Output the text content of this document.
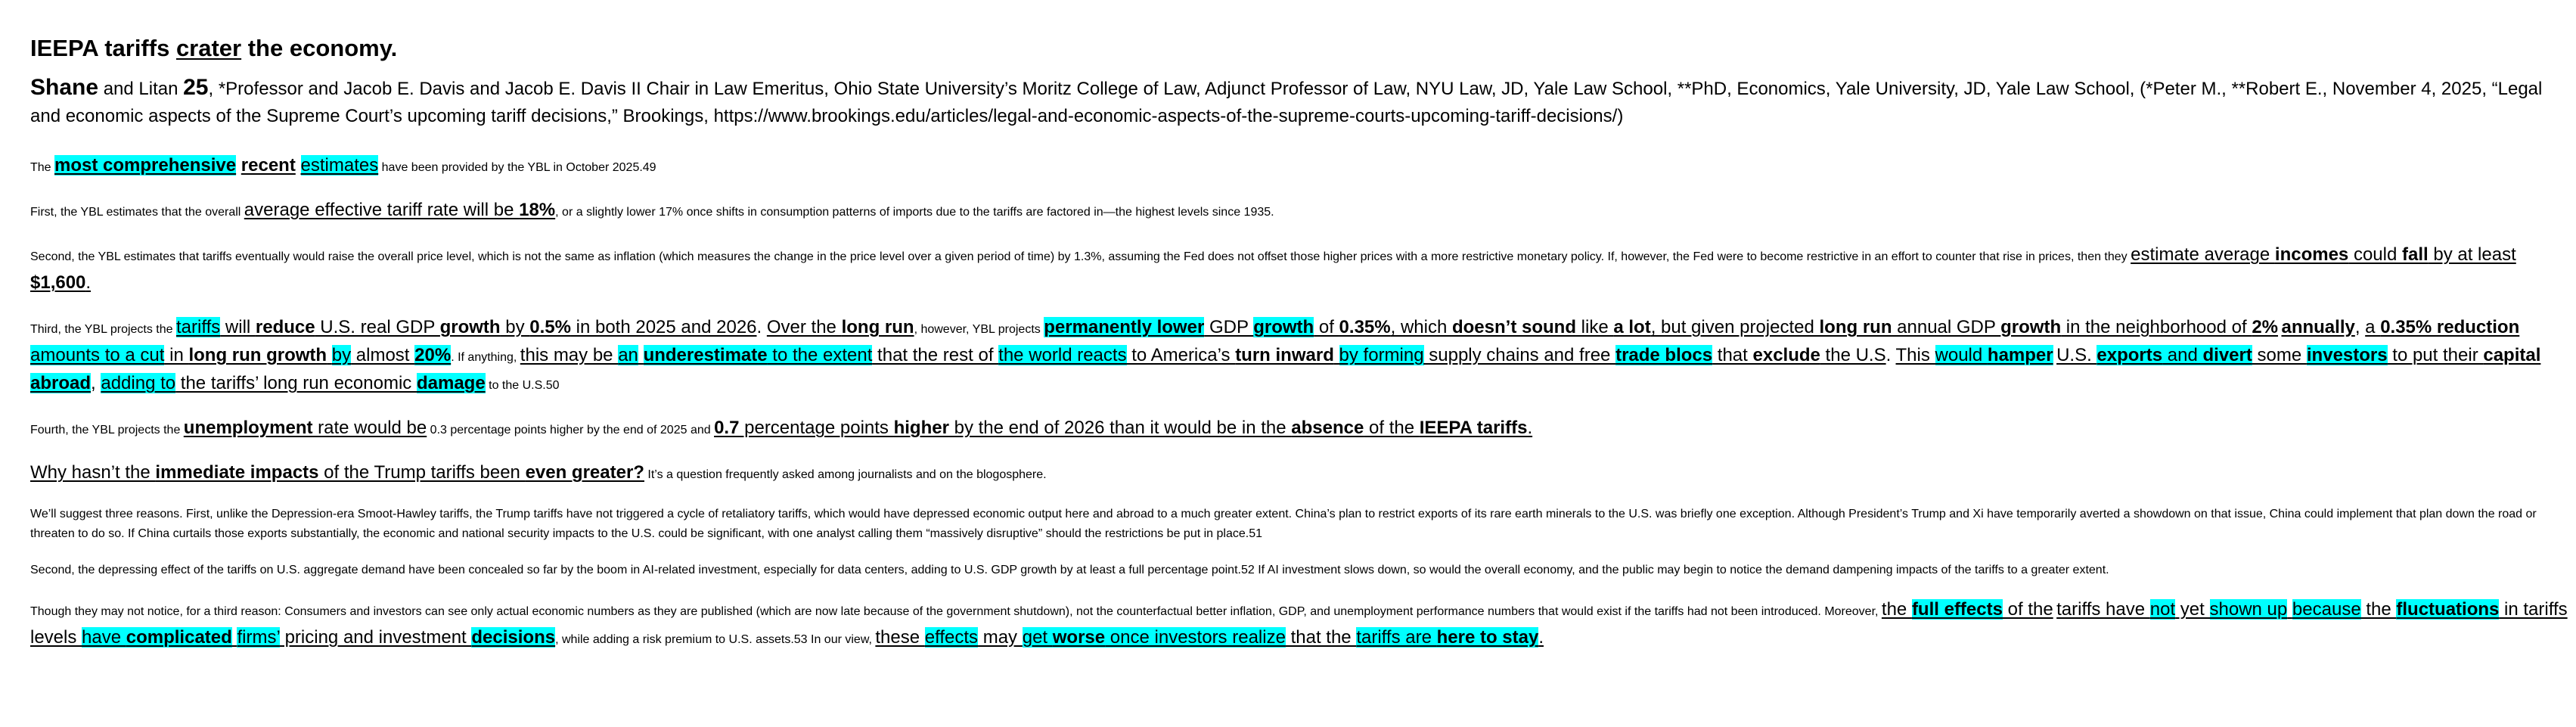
IEEPA tariffs crater the economy.
Shane and Litan 25, *Professor and Jacob E. Davis and Jacob E. Davis II Chair in Law Emeritus, Ohio State University’s Moritz College of Law, Adjunct Professor of Law, NYU Law, JD, Yale Law School, **PhD, Economics, Yale University, JD, Yale Law School, (*Peter M., **Robert E., November 4, 2025, “Legal and economic aspects of the Supreme Court’s upcoming tariff decisions,” Brookings, https://www.brookings.edu/articles/legal-and-economic-aspects-of-the-supreme-courts-upcoming-tariff-decisions/)

The most comprehensive recent estimates have been provided by the YBL in October 2025.49

First, the YBL estimates that the overall average effective tariff rate will be 18%, or a slightly lower 17% once shifts in consumption patterns of imports due to the tariffs are factored in—the highest levels since 1935.

Second, the YBL estimates that tariffs eventually would raise the overall price level, which is not the same as inflation (which measures the change in the price level over a given period of time) by 1.3%, assuming the Fed does not offset those higher prices with a more restrictive monetary policy. If, however, the Fed were to become restrictive in an effort to counter that rise in prices, then they estimate average incomes could fall by at least $1,600.

Third, the YBL projects the tariffs will reduce U.S. real GDP growth by 0.5% in both 2025 and 2026. Over the long run, however, YBL projects permanently lower GDP growth of 0.35%, which doesn’t sound like a lot, but given projected long run annual GDP growth in the neighborhood of 2% annually, a 0.35% reduction amounts to a cut in long run growth by almost 20%. If anything, this may be an underestimate to the extent that the rest of the world reacts to America’s turn inward by forming supply chains and free trade blocs that exclude the U.S. This would hamper U.S. exports and divert some investors to put their capital abroad, adding to the tariffs’ long run economic damage to the U.S.50

Fourth, the YBL projects the unemployment rate would be 0.3 percentage points higher by the end of 2025 and 0.7 percentage points higher by the end of 2026 than it would be in the absence of the IEEPA tariffs.

Why hasn’t the immediate impacts of the Trump tariffs been even greater? It’s a question frequently asked among journalists and on the blogosphere.

We’ll suggest three reasons. First, unlike the Depression-era Smoot-Hawley tariffs, the Trump tariffs have not triggered a cycle of retaliatory tariffs, which would have depressed economic output here and abroad to a much greater extent. China’s plan to restrict exports of its rare earth minerals to the U.S. was briefly one exception. Although President’s Trump and Xi have temporarily averted a showdown on that issue, China could implement that plan down the road or threaten to do so. If China curtails those exports substantially, the economic and national security impacts to the U.S. could be significant, with one analyst calling them “massively disruptive” should the restrictions be put in place.51

Second, the depressing effect of the tariffs on U.S. aggregate demand have been concealed so far by the boom in AI-related investment, especially for data centers, adding to U.S. GDP growth by at least a full percentage point.52 If AI investment slows down, so would the overall economy, and the public may begin to notice the demand dampening impacts of the tariffs to a greater extent.

Though they may not notice, for a third reason: Consumers and investors can see only actual economic numbers as they are published (which are now late because of the government shutdown), not the counterfactual better inflation, GDP, and unemployment performance numbers that would exist if the tariffs had not been introduced. Moreover, the full effects of the tariffs have not yet shown up because the fluctuations in tariffs levels have complicated firms’ pricing and investment decisions, while adding a risk premium to U.S. assets.53 In our view, these effects may get worse once investors realize that the tariffs are here to stay.
